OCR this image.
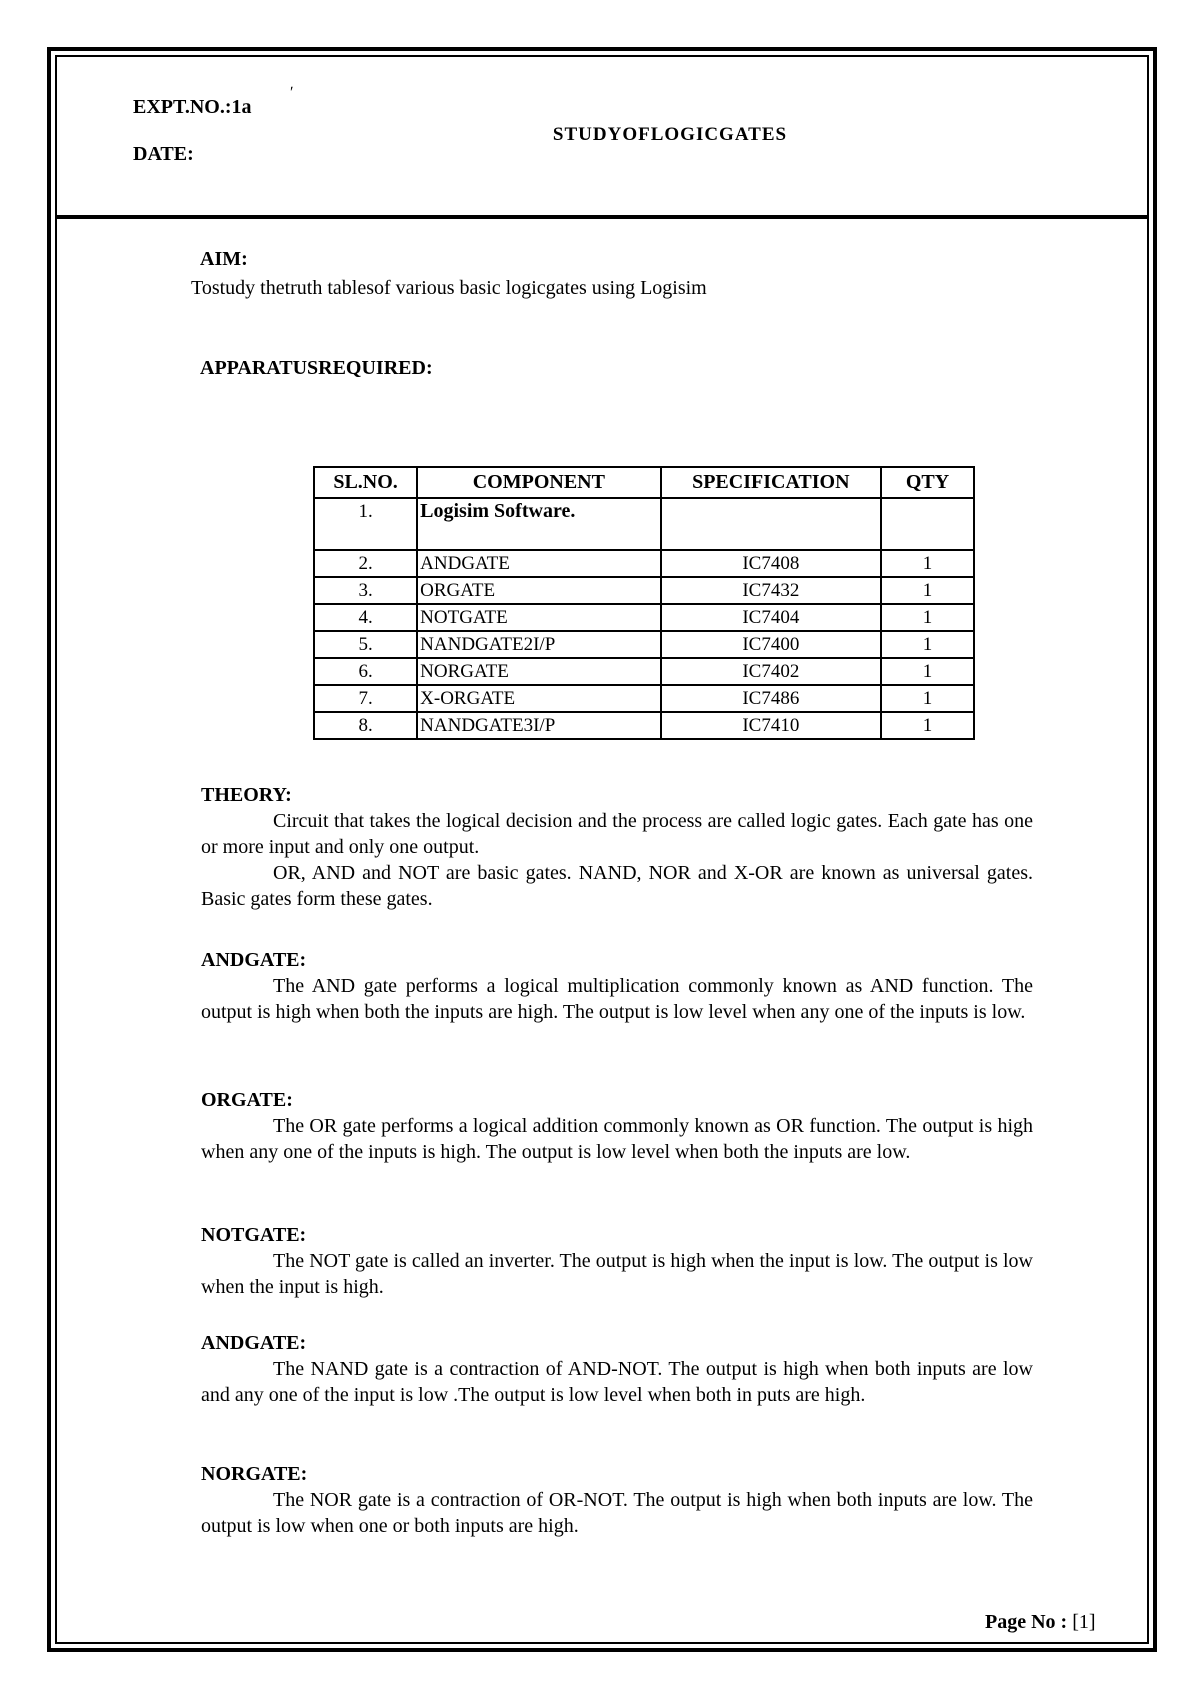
EXPT.NO.:1a
ʹ
DATE:
STUDYOFLOGICGATES
AIM:
Tostudy thetruth tablesof various basic logicgates using Logisim
APPARATUSREQUIRED:
SL.NO.	COMPONENT	SPECIFICATION	QTY
1.	Logisim Software.		
2.	ANDGATE	IC7408	1
3.	ORGATE	IC7432	1
4.	NOTGATE	IC7404	1
5.	NANDGATE2I/P	IC7400	1
6.	NORGATE	IC7402	1
7.	X-ORGATE	IC7486	1
8.	NANDGATE3I/P	IC7410	1
THEORY:

Circuit that takes the logical decision and the process are called logic gates. Each gate has one or more input and only one output.

OR, AND and NOT are basic gates. NAND, NOR and X-OR are known as universal gates. Basic gates form these gates.

ANDGATE:

The AND gate performs a logical multiplication commonly known as AND function. The output is high when both the inputs are high. The output is low level when any one of the inputs is low.

ORGATE:

The OR gate performs a logical addition commonly known as OR function. The output is high when any one of the inputs is high. The output is low level when both the inputs are low.

NOTGATE:

The NOT gate is called an inverter. The output is high when the input is low. The output is low when the input is high.

ANDGATE:

The NAND gate is a contraction of AND-NOT. The output is high when both inputs are low and any one of the input is low .The output is low level when both in puts are high.

NORGATE:

The NOR gate is a contraction of OR-NOT. The output is high when both inputs are low. The output is low when one or both inputs are high.

Page No : [1]
